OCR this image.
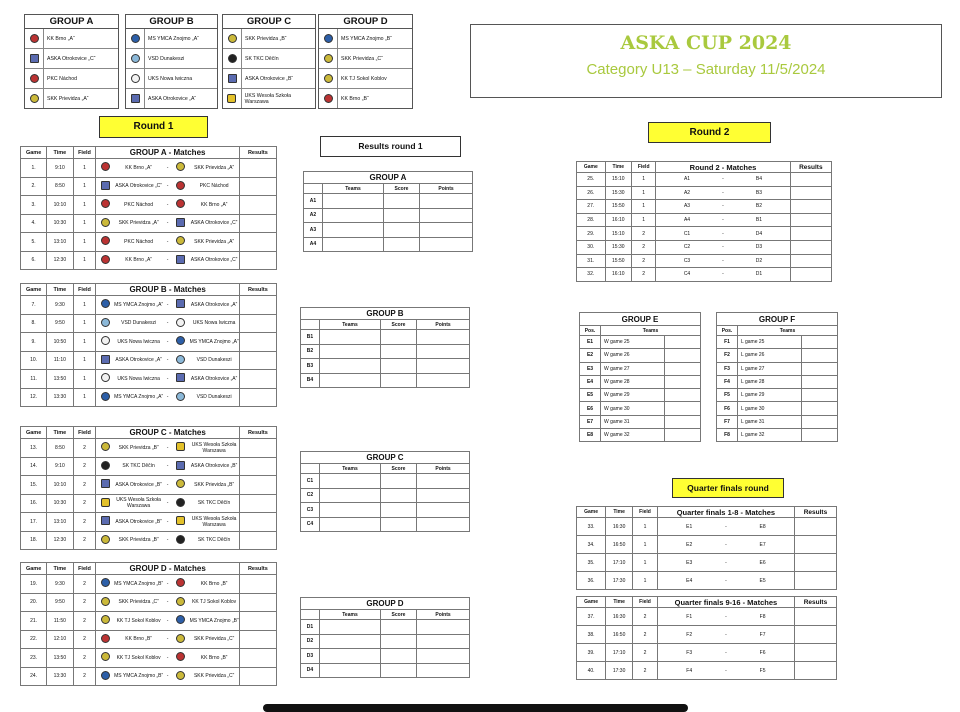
GROUP A
KK Brno „A“
ASKA Otrokovice „C“
PKC Náchod
SKK Prievidza „A“
GROUP B
MS YMCA Znojmo „A“
VSD Dunakeszi
UKS Nowa Iwiczna
ASKA Otrokovice „A“
GROUP C
SKK Prievidza „B“
SK TKC Děčín
ASKA Otrokovice „B“
UKS Wesoła Szkoła Warszawa
GROUP D
MS YMCA Znojmo „B“
SKK Prievidza „C“
KK TJ Sokol Koblov
KK Brno „B“
ASKA CUP 2024
Category U13 – Saturday 11/5/2024
Round 1
Round 2
Results round 1
Quarter finals round
Game	Time	Field	GROUP A - Matches					Results
1.	9:10	1		KK Brno „A“	-		SKK Prievidza „A“	
2.	8:50	1		ASKA Otrokovice „C“	-		PKC Náchod	
3.	10:10	1		PKC Náchod	-		KK Brno „A“	
4.	10:30	1		SKK Prievidza „A“	-		ASKA Otrokovice „C“	
5.	13:10	1		PKC Náchod	-		SKK Prievidza „A“	
6.	12:30	1		KK Brno „A“	-		ASKA Otrokovice „C“	
Game	Time	Field	GROUP B - Matches					Results
7.	9:30	1		MS YMCA Znojmo „A“	-		ASKA Otrokovice „A“	
8.	9:50	1		VSD Dunakeszi	-		UKS Nowa Iwiczna	
9.	10:50	1		UKS Nowa Iwiczna	-		MS YMCA Znojmo „A“	
10.	11:10	1		ASKA Otrokovice „A“	-		VSD Dunakeszi	
11.	13:50	1		UKS Nowa Iwiczna	-		ASKA Otrokovice „A“	
12.	13:30	1		MS YMCA Znojmo „A“	-		VSD Dunakeszi	
Game	Time	Field	GROUP C - Matches					Results
13.	8:50	2		SKK Prievidza „B“	-		UKS Wesoła Szkoła Warszawa	
14.	9:10	2		SK TKC Děčín	-		ASKA Otrokovice „B“	
15.	10:10	2		ASKA Otrokovice „B“	-		SKK Prievidza „B“	
16.	10:30	2		UKS Wesoła Szkoła Warszawa	-		SK TKC Děčín	
17.	13:10	2		ASKA Otrokovice „B“	-		UKS Wesoła Szkoła Warszawa	
18.	12:30	2		SKK Prievidza „B“	-		SK TKC Děčín	
Game	Time	Field	GROUP D - Matches					Results
19.	9:30	2		MS YMCA Znojmo „B“	-		KK Brno „B“	
20.	9:50	2		SKK Prievidza „C“	-		KK TJ Sokol Koblov	
21.	11:50	2		KK TJ Sokol Koblov	-		MS YMCA Znojmo „B“	
22.	12:10	2		KK Brno „B“	-		SKK Prievidza „C“	
23.	13:50	2		KK TJ Sokol Koblov	-		KK Brno „B“	
24.	13:30	2		MS YMCA Znojmo „B“	-		SKK Prievidza „C“	
GROUP A			
	Teams	Score	Points
A1			
A2			
A3			
A4			
GROUP B			
	Teams	Score	Points
B1			
B2			
B3			
B4			
GROUP C			
	Teams	Score	Points
C1			
C2			
C3			
C4			
GROUP D			
	Teams	Score	Points
D1			
D2			
D3			
D4			
Game	Time	Field	Round 2 - Matches			Results
25.	15:10	1	A1	-	B4	
26.	15:30	1	A2	-	B3	
27.	15:50	1	A3	-	B2	
28.	16:10	1	A4	-	B1	
29.	15:10	2	C1	-	D4	
30.	15:30	2	C2	-	D3	
31.	15:50	2	C3	-	D2	
32.	16:10	2	C4	-	D1	
Game	Time	Field	Quarter finals 1-8 - Matches			Results
33.	16:30	1	E1	-	E8	
34.	16:50	1	E2	-	E7	
35.	17:10	1	E3	-	E6	
36.	17:30	1	E4	-	E5	
Game	Time	Field	Quarter finals 9-16 - Matches			Results
37.	16:30	2	F1	-	F8	
38.	16:50	2	F2	-	F7	
39.	17:10	2	F3	-	F6	
40.	17:30	2	F4	-	F5	
GROUP E		
Pos.	Teams	
E1	W game 25	
E2	W game 26	
E3	W game 27	
E4	W game 28	
E5	W game 29	
E6	W game 30	
E7	W game 31	
E8	W game 32	
GROUP F		
Pos.	Teams	
F1	L game 25	
F2	L game 26	
F3	L game 27	
F4	L game 28	
F5	L game 29	
F6	L game 30	
F7	L game 31	
F8	L game 32	
